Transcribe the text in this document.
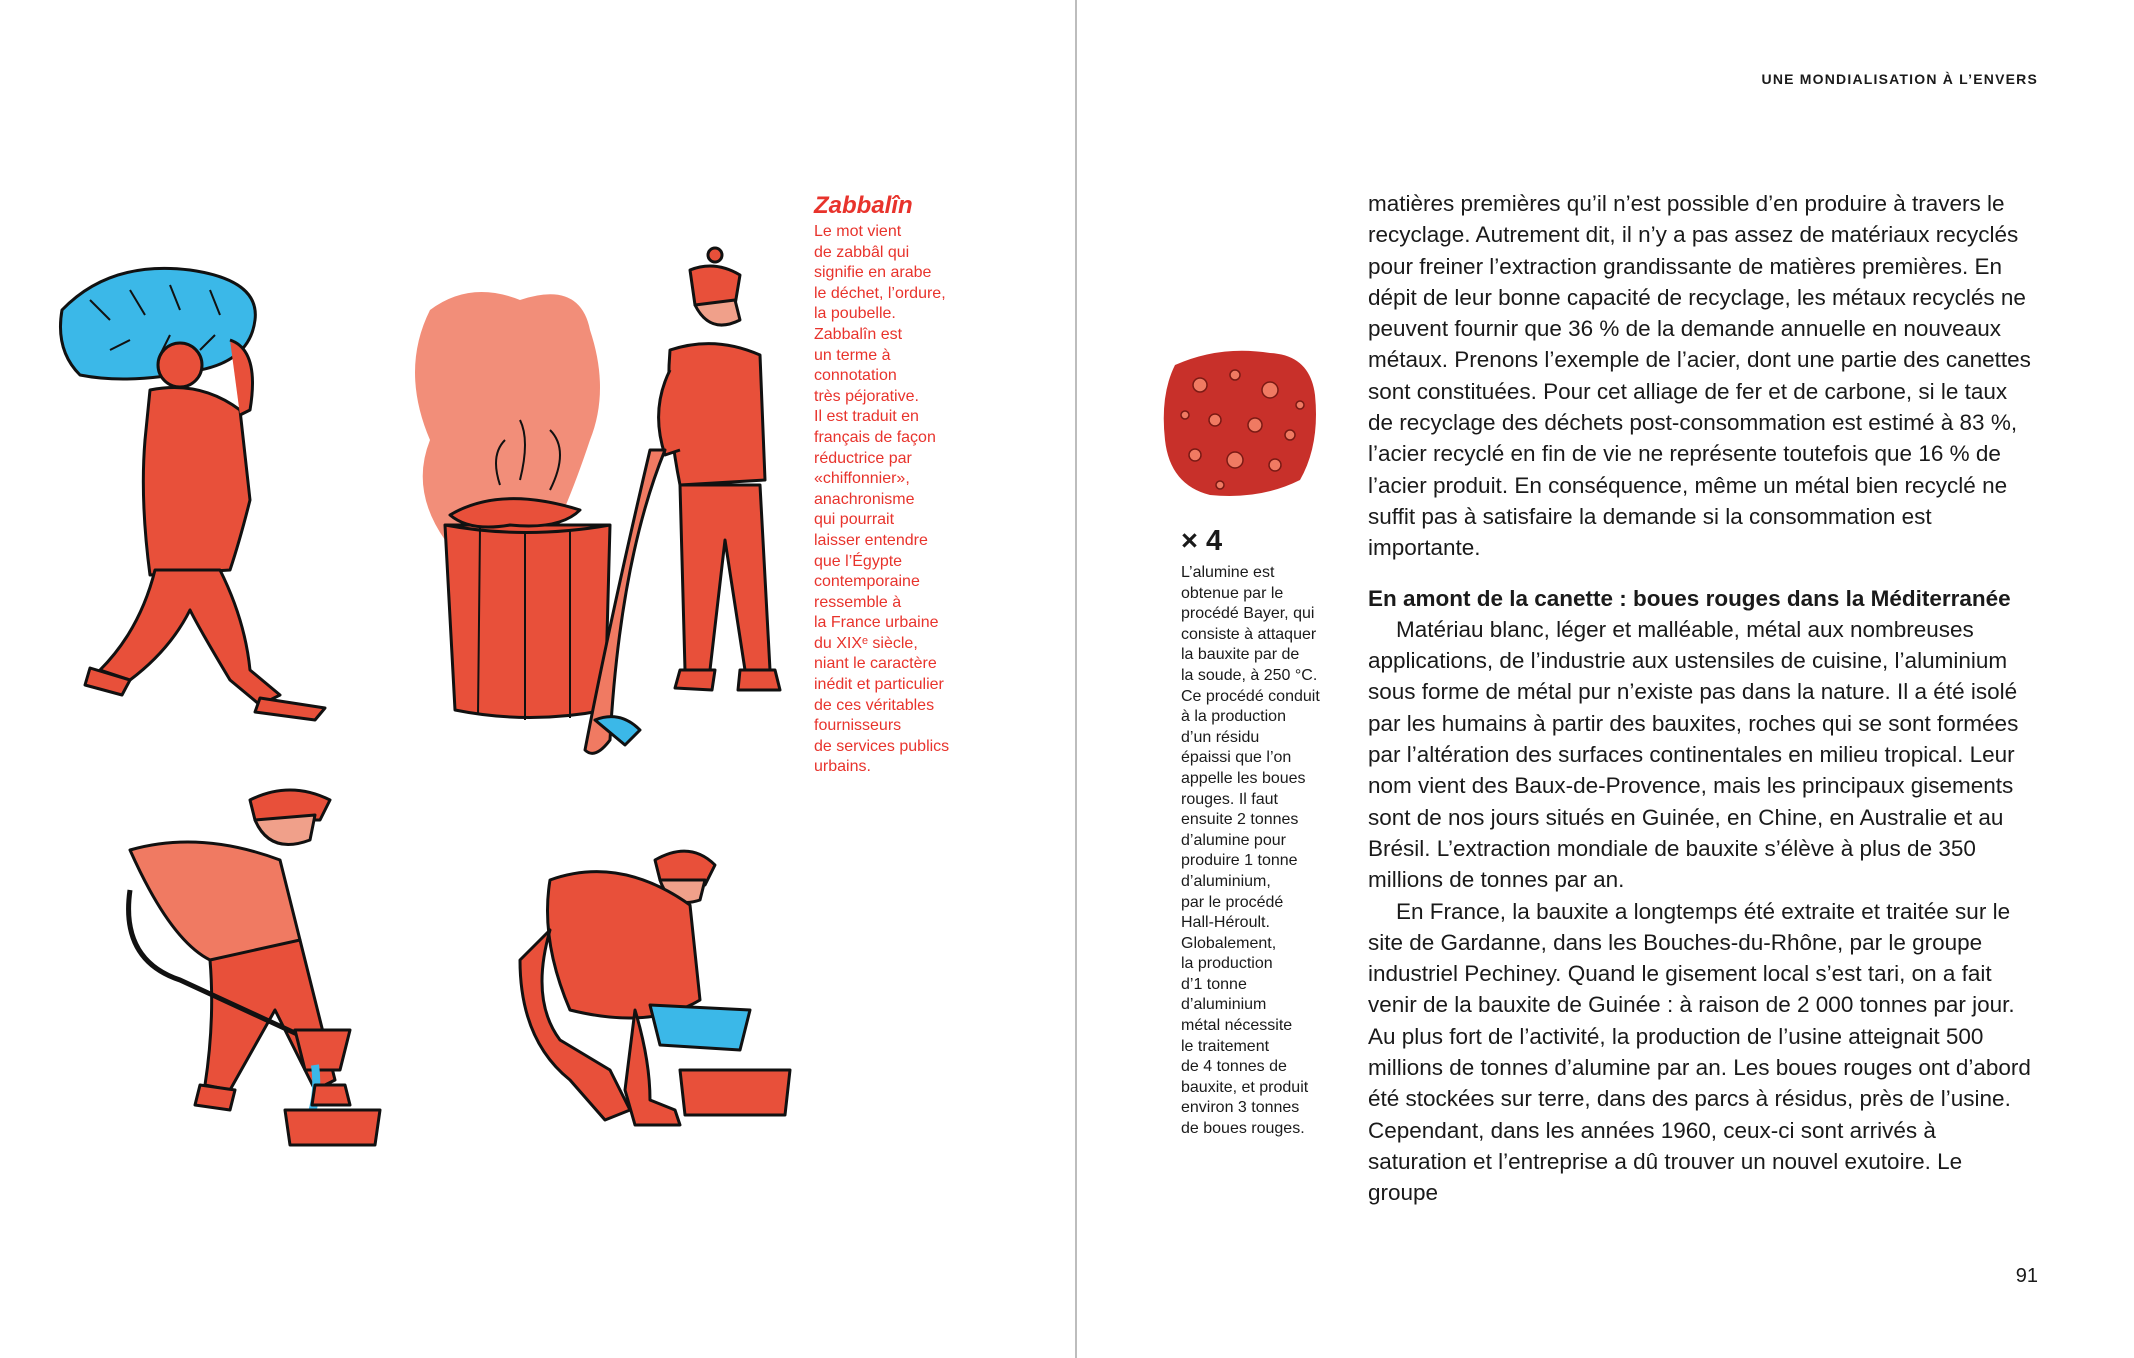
UNE MONDIALISATION À L’ENVERS

Zabbalîn

Le mot vient
de zabbâl qui
signifie en arabe
le déchet, l’ordure,
la poubelle.
Zabbalîn est
un terme à
connotation
très péjorative.
Il est traduit en
français de façon
réductrice par
«chiffonnier»,
anachronisme
qui pourrait
laisser entendre
que l’Égypte
contemporaine
ressemble à
la France urbaine
du XIXᵉ siècle,
niant le caractère
inédit et particulier
de ces véritables
fournisseurs
de services publics
urbains.

× 4

L’alumine est
obtenue par le
procédé Bayer, qui
consiste à attaquer
la bauxite par de
la soude, à 250 °C.
Ce procédé conduit
à la production
d’un résidu
épaissi que l’on
appelle les boues
rouges. Il faut
ensuite 2 tonnes
d’alumine pour
produire 1 tonne
d’aluminium,
par le procédé
Hall-Héroult.
Globalement,
la production
d’1 tonne
d’aluminium
métal nécessite
le traitement
de 4 tonnes de
bauxite, et produit
environ 3 tonnes
de boues rouges.

matières premières qu’il n’est possible d’en produire à travers le recyclage. Autrement dit, il n’y a pas assez de matériaux recyclés pour freiner l’extraction grandissante de matières premières. En dépit de leur bonne capacité de recyclage, les métaux recyclés ne peuvent fournir que 36 % de la demande annuelle en nouveaux métaux. Prenons l’exemple de l’acier, dont une partie des canettes sont constituées. Pour cet alliage de fer et de carbone, si le taux de recyclage des déchets post-consommation est estimé à 83 %, l’acier recyclé en fin de vie ne représente toutefois que 16 % de l’acier produit. En conséquence, même un métal bien recyclé ne suffit pas à satisfaire la demande si la consommation est importante.

En amont de la canette : boues rouges dans la Méditerranée

Matériau blanc, léger et malléable, métal aux nombreuses applications, de l’industrie aux ustensiles de cuisine, l’aluminium sous forme de métal pur n’existe pas dans la nature. Il a été isolé par les humains à partir des bauxites, roches qui se sont formées par l’altération des surfaces continentales en milieu tropical. Leur nom vient des Baux-de-Provence, mais les principaux gisements sont de nos jours situés en Guinée, en Chine, en Australie et au Brésil. L’extraction mondiale de bauxite s’élève à plus de 350 millions de tonnes par an.

En France, la bauxite a longtemps été extraite et traitée sur le site de Gardanne, dans les Bouches-du-Rhône, par le groupe industriel Pechiney. Quand le gisement local s’est tari, on a fait venir de la bauxite de Guinée : à raison de 2 000 tonnes par jour. Au plus fort de l’activité, la production de l’usine atteignait 500 millions de tonnes d’alumine par an. Les boues rouges ont d’abord été stockées sur terre, dans des parcs à résidus, près de l’usine. Cependant, dans les années 1960, ceux-ci sont arrivés à saturation et l’entreprise a dû trouver un nouvel exutoire. Le groupe

91
